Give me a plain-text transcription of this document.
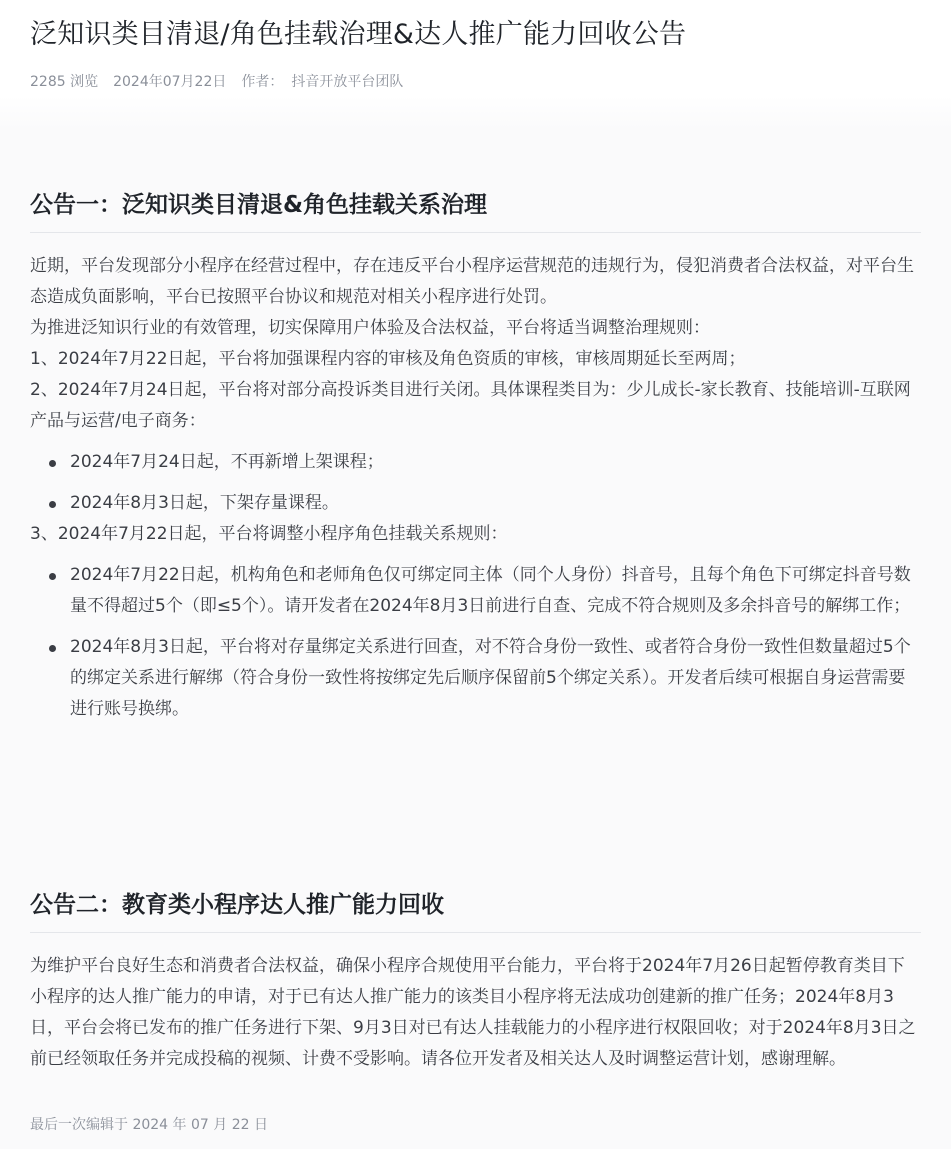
泛知识类目清退/角色挂载治理&达人推广能力回收公告
2285 浏览 2024年07月22日 作者： 抖音开放平台团队
公告一：泛知识类目清退&角色挂载关系治理

近期，平台发现部分小程序在经营过程中，存在违反平台小程序运营规范的违规行为，侵犯消费者合法权益，对平台生态造成负面影响，平台已按照平台协议和规范对相关小程序进行处罚。

为推进泛知识行业的有效管理，切实保障用户体验及合法权益，平台将适当调整治理规则：

1、2024年7月22日起，平台将加强课程内容的审核及角色资质的审核，审核周期延长至两周；

2、2024年7月24日起，平台将对部分高投诉类目进行关闭。具体课程类目为：少儿成长-家长教育、技能培训-互联网产品与运营/电子商务：

2024年7月24日起，不再新增上架课程；
2024年8月3日起，下架存量课程。

3、2024年7月22日起，平台将调整小程序角色挂载关系规则：

2024年7月22日起，机构角色和老师角色仅可绑定同主体（同个人身份）抖音号，且每个角色下可绑定抖音号数量不得超过5个（即≤5个）。请开发者在2024年8月3日前进行自查、完成不符合规则及多余抖音号的解绑工作；
2024年8月3日起，平台将对存量绑定关系进行回查，对不符合身份一致性、或者符合身份一致性但数量超过5个的绑定关系进行解绑（符合身份一致性将按绑定先后顺序保留前5个绑定关系）。开发者后续可根据自身运营需要进行账号换绑。
公告二：教育类小程序达人推广能力回收

为维护平台良好生态和消费者合法权益，确保小程序合规使用平台能力，平台将于2024年7月26日起暂停教育类目下小程序的达人推广能力的申请，对于已有达人推广能力的该类目小程序将无法成功创建新的推广任务；2024年8月3日，平台会将已发布的推广任务进行下架、9月3日对已有达人挂载能力的小程序进行权限回收；对于2024年8月3日之前已经领取任务并完成投稿的视频、计费不受影响。请各位开发者及相关达人及时调整运营计划，感谢理解。

最后一次编辑于 2024 年 07 月 22 日
